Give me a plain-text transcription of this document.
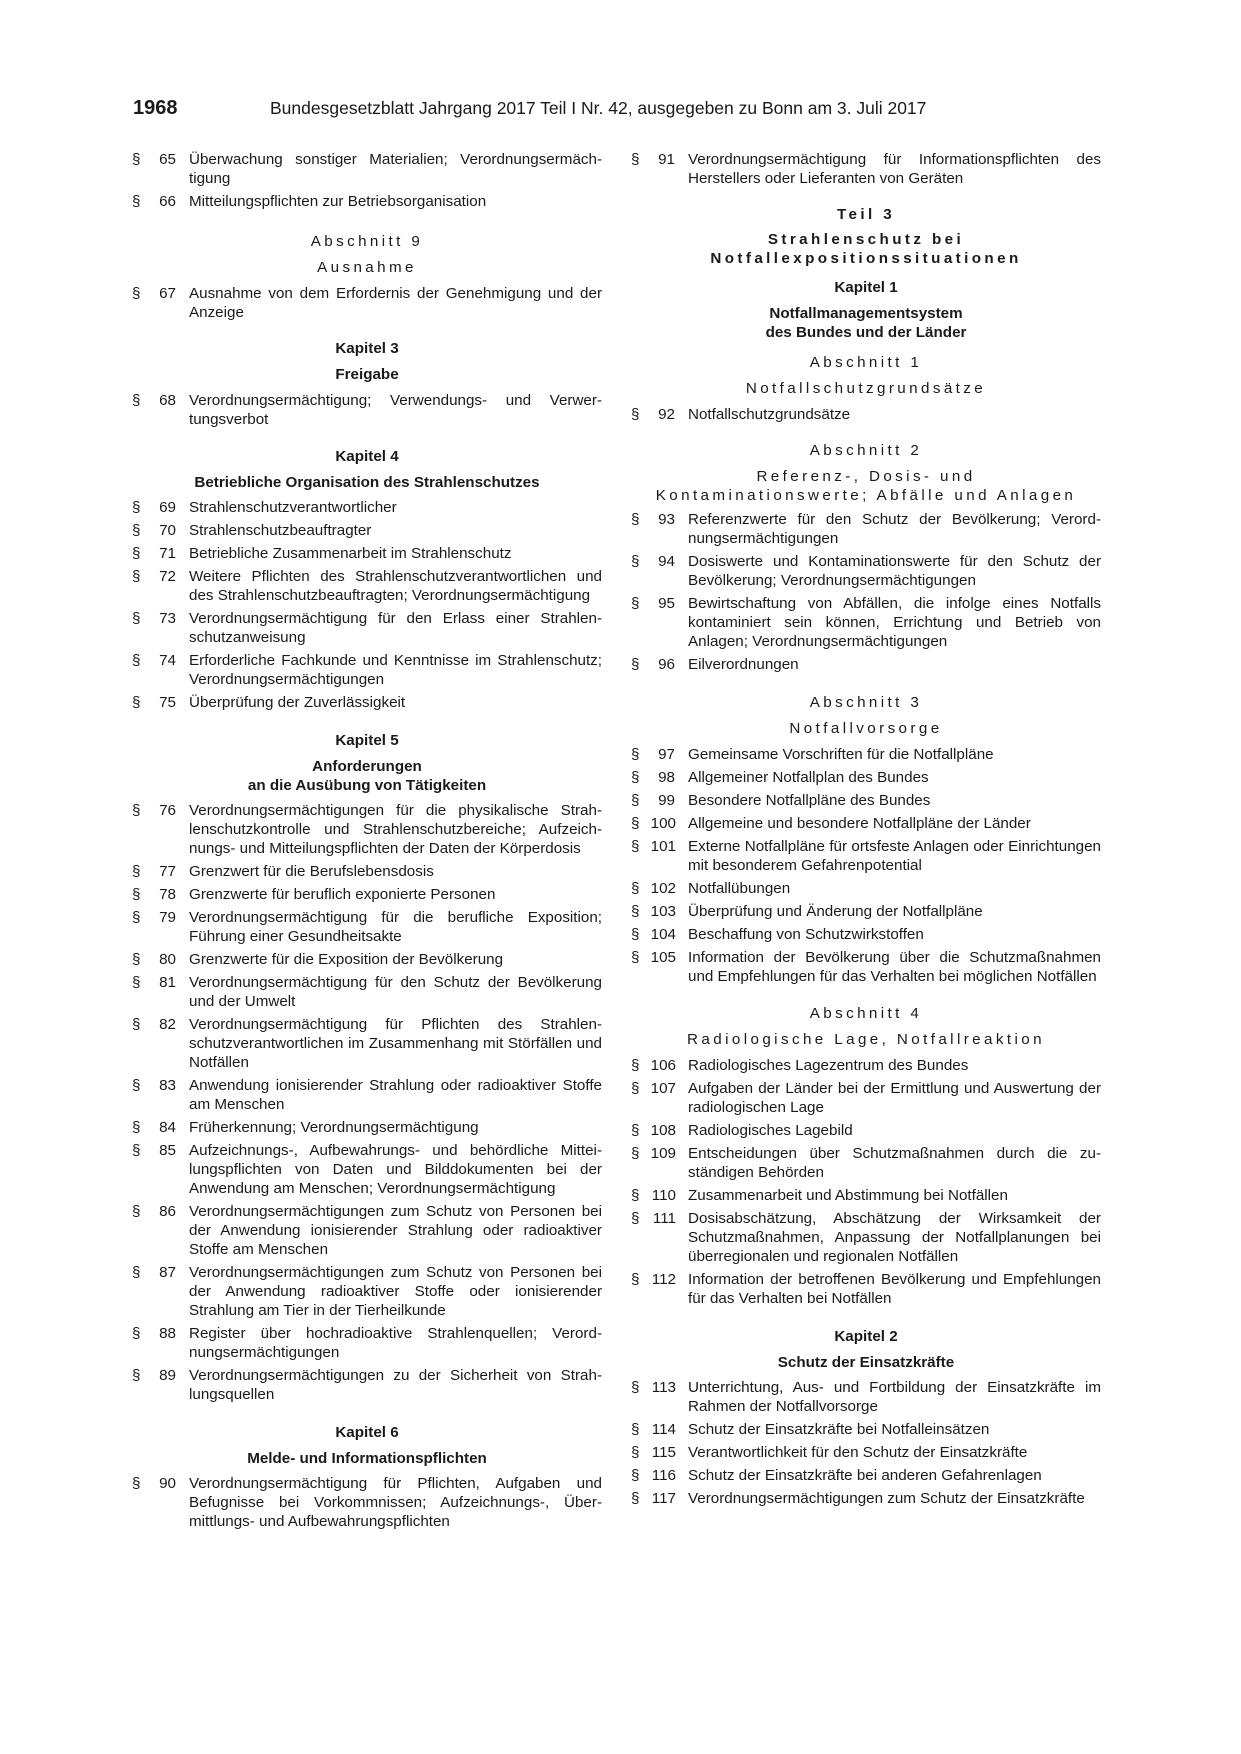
1968	Bundesgesetzblatt Jahrgang 2017 Teil I Nr. 42, ausgegeben zu Bonn am 3. Juli 2017
§ 65 Überwachung sonstiger Materialien; Verordnungsermächtigung
§ 66 Mitteilungspflichten zur Betriebsorganisation
Abschnitt 9
Ausnahme
§ 67 Ausnahme von dem Erfordernis der Genehmigung und der Anzeige
Kapitel 3
Freigabe
§ 68 Verordnungsermächtigung; Verwendungs- und Verwertungsverbot
Kapitel 4
Betriebliche Organisation des Strahlenschutzes
§ 69 Strahlenschutzverantwortlicher
§ 70 Strahlenschutzbeauftragter
§ 71 Betriebliche Zusammenarbeit im Strahlenschutz
§ 72 Weitere Pflichten des Strahlenschutzverantwortlichen und des Strahlenschutzbeauftragten; Verordnungsermächtigung
§ 73 Verordnungsermächtigung für den Erlass einer Strahlenschutzanweisung
§ 74 Erforderliche Fachkunde und Kenntnisse im Strahlenschutz; Verordnungsermächtigungen
§ 75 Überprüfung der Zuverlässigkeit
Kapitel 5
Anforderungen
an die Ausübung von Tätigkeiten
§ 76 Verordnungsermächtigungen für die physikalische Strahlenschutzkontrolle und Strahlenschutzbereiche; Aufzeichnungs- und Mitteilungspflichten der Daten der Körperdosis
§ 77 Grenzwert für die Berufslebensdosis
§ 78 Grenzwerte für beruflich exponierte Personen
§ 79 Verordnungsermächtigung für die berufliche Exposition; Führung einer Gesundheitsakte
§ 80 Grenzwerte für die Exposition der Bevölkerung
§ 81 Verordnungsermächtigung für den Schutz der Bevölkerung und der Umwelt
§ 82 Verordnungsermächtigung für Pflichten des Strahlenschutzverantwortlichen im Zusammenhang mit Störfällen und Notfällen
§ 83 Anwendung ionisierender Strahlung oder radioaktiver Stoffe am Menschen
§ 84 Früherkennung; Verordnungsermächtigung
§ 85 Aufzeichnungs-, Aufbewahrungs- und behördliche Mitteilungspflichten von Daten und Bilddokumenten bei der Anwendung am Menschen; Verordnungsermächtigung
§ 86 Verordnungsermächtigungen zum Schutz von Personen bei der Anwendung ionisierender Strahlung oder radioaktiver Stoffe am Menschen
§ 87 Verordnungsermächtigungen zum Schutz von Personen bei der Anwendung radioaktiver Stoffe oder ionisierender Strahlung am Tier in der Tierheilkunde
§ 88 Register über hochradioaktive Strahlenquellen; Verordnungsermächtigungen
§ 89 Verordnungsermächtigungen zu der Sicherheit von Strahlungsquellen
Kapitel 6
Melde- und Informationspflichten
§ 90 Verordnungsermächtigung für Pflichten, Aufgaben und Befugnisse bei Vorkommnissen; Aufzeichnungs-, Übermittlungs- und Aufbewahrungspflichten
§ 91 Verordnungsermächtigung für Informationspflichten des Herstellers oder Lieferanten von Geräten
Teil 3
Strahlenschutz bei
Notfallexpositionssituationen
Kapitel 1
Notfallmanagementsystem
des Bundes und der Länder
Abschnitt 1
Notfallschutzgrundsätze
§ 92 Notfallschutzgrundsätze
Abschnitt 2
Referenz-, Dosis- und
Kontaminationswerte; Abfälle und Anlagen
§ 93 Referenzwerte für den Schutz der Bevölkerung; Verordnungsermächtigungen
§ 94 Dosiswerte und Kontaminationswerte für den Schutz der Bevölkerung; Verordnungsermächtigungen
§ 95 Bewirtschaftung von Abfällen, die infolge eines Notfalls kontaminiert sein können, Errichtung und Betrieb von Anlagen; Verordnungsermächtigungen
§ 96 Eilverordnungen
Abschnitt 3
Notfallvorsorge
§ 97 Gemeinsame Vorschriften für die Notfallpläne
§ 98 Allgemeiner Notfallplan des Bundes
§ 99 Besondere Notfallpläne des Bundes
§ 100 Allgemeine und besondere Notfallpläne der Länder
§ 101 Externe Notfallpläne für ortsfeste Anlagen oder Einrichtungen mit besonderem Gefahrenpotential
§ 102 Notfallübungen
§ 103 Überprüfung und Änderung der Notfallpläne
§ 104 Beschaffung von Schutzwirkstoffen
§ 105 Information der Bevölkerung über die Schutzmaßnahmen und Empfehlungen für das Verhalten bei möglichen Notfällen
Abschnitt 4
Radiologische Lage, Notfallreaktion
§ 106 Radiologisches Lagezentrum des Bundes
§ 107 Aufgaben der Länder bei der Ermittlung und Auswertung der radiologischen Lage
§ 108 Radiologisches Lagebild
§ 109 Entscheidungen über Schutzmaßnahmen durch die zuständigen Behörden
§ 110 Zusammenarbeit und Abstimmung bei Notfällen
§ 111 Dosisabschätzung, Abschätzung der Wirksamkeit der Schutzmaßnahmen, Anpassung der Notfallplanungen bei überregionalen und regionalen Notfällen
§ 112 Information der betroffenen Bevölkerung und Empfehlungen für das Verhalten bei Notfällen
Kapitel 2
Schutz der Einsatzkräfte
§ 113 Unterrichtung, Aus- und Fortbildung der Einsatzkräfte im Rahmen der Notfallvorsorge
§ 114 Schutz der Einsatzkräfte bei Notfalleinsätzen
§ 115 Verantwortlichkeit für den Schutz der Einsatzkräfte
§ 116 Schutz der Einsatzkräfte bei anderen Gefahrenlagen
§ 117 Verordnungsermächtigungen zum Schutz der Einsatzkräfte
